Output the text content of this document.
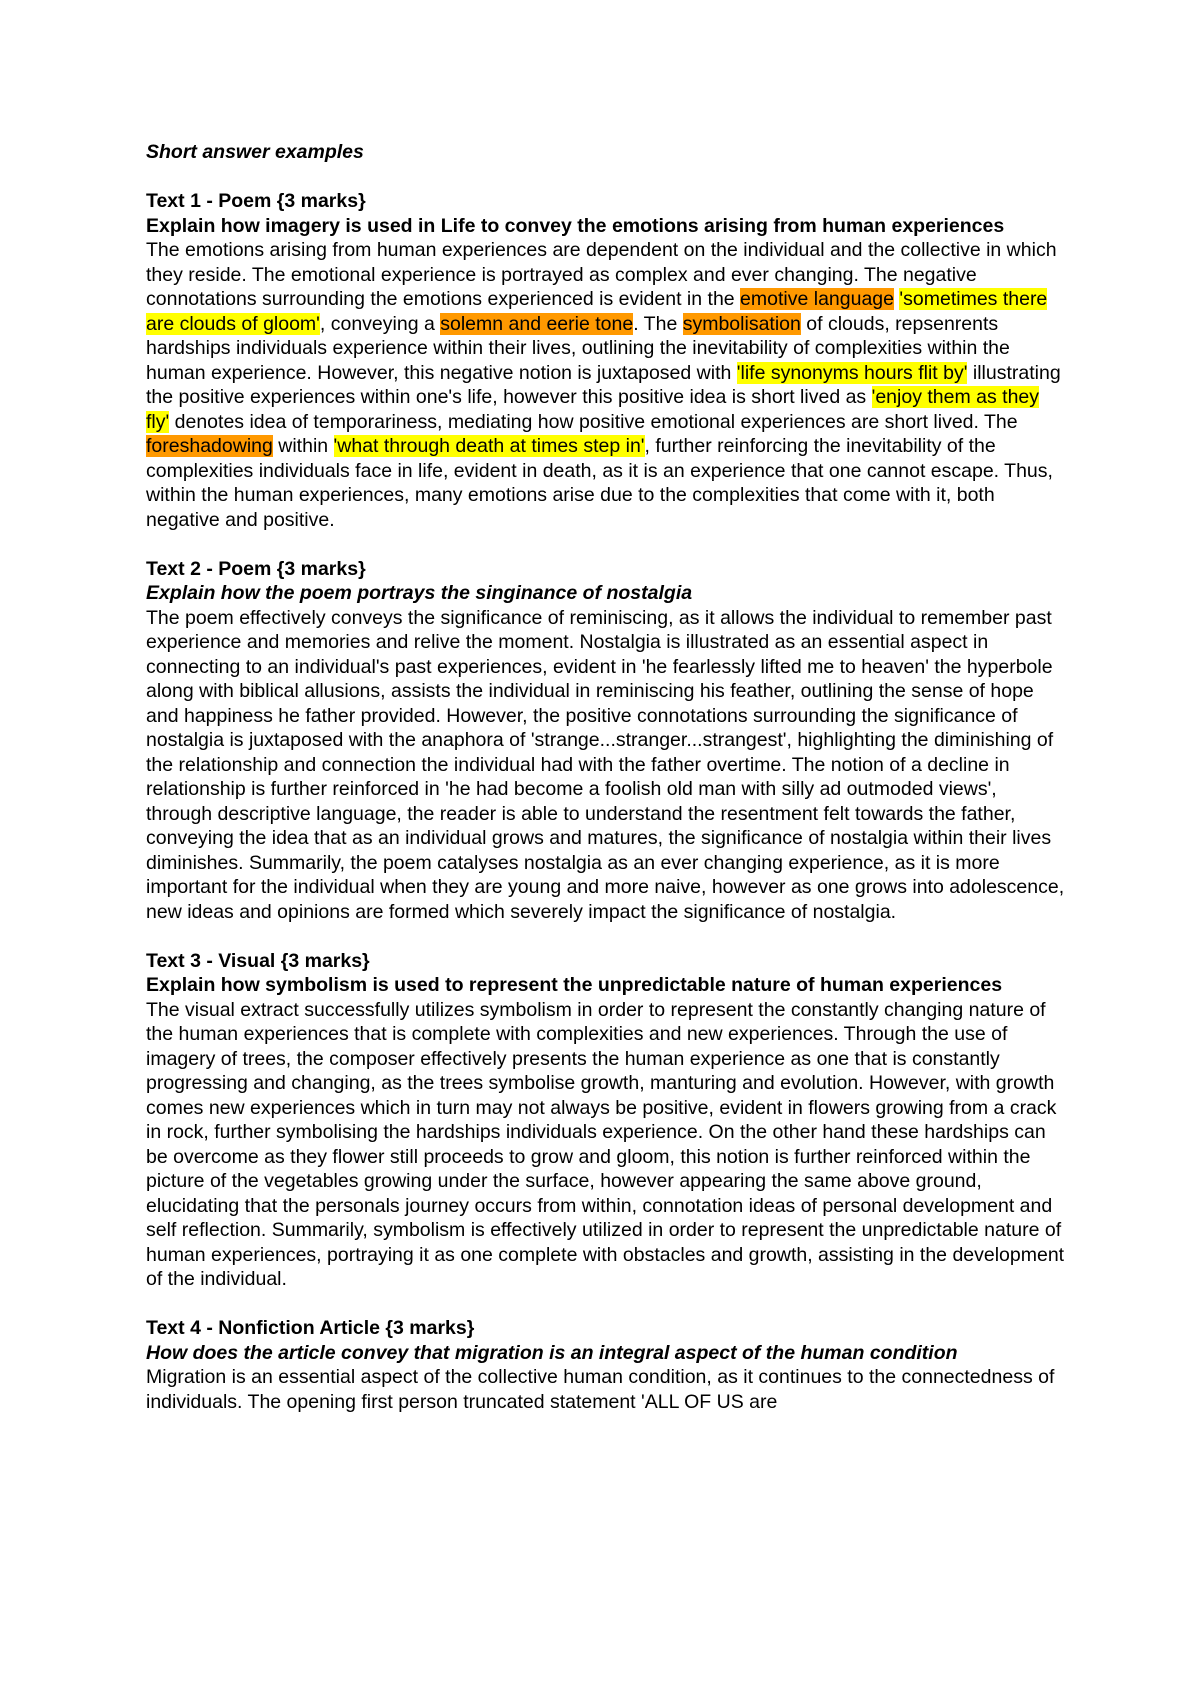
Short answer examples

Text 1 - Poem {3 marks}
Explain how imagery is used in Life to convey the emotions arising from human experiences

The emotions arising from human experiences are dependent on the individual and the collective in which they reside. The emotional experience is portrayed as complex and ever changing. The negative connotations surrounding the emotions experienced is evident in the emotive language 'sometimes there are clouds of gloom', conveying a solemn and eerie tone. The symbolisation of clouds, repsenrents hardships individuals experience within their lives, outlining the inevitability of complexities within the human experience. However, this negative notion is juxtaposed with 'life synonyms hours flit by' illustrating the positive experiences within one's life, however this positive idea is short lived as 'enjoy them as they fly' denotes idea of temporariness, mediating how positive emotional experiences are short lived. The foreshadowing within 'what through death at times step in', further reinforcing the inevitability of the complexities individuals face in life, evident in death, as it is an experience that one cannot escape. Thus, within the human experiences, many emotions arise due to the complexities that come with it, both negative and positive.

Text 2 - Poem {3 marks}
Explain how the poem portrays the singinance of nostalgia

The poem effectively conveys the significance of reminiscing, as it allows the individual to remember past experience and memories and relive the moment. Nostalgia is illustrated as an essential aspect in connecting to an individual's past experiences, evident in 'he fearlessly lifted me to heaven' the hyperbole along with biblical allusions, assists the individual in reminiscing his feather, outlining the sense of hope and happiness he father provided. However, the positive connotations surrounding the significance of nostalgia is juxtaposed with the anaphora of 'strange...stranger...strangest', highlighting the diminishing of the relationship and connection the individual had with the father overtime. The notion of a decline in relationship is further reinforced in 'he had become a foolish old man with silly ad outmoded views', through descriptive language, the reader is able to understand the resentment felt towards the father, conveying the idea that as an individual grows and matures, the significance of nostalgia within their lives diminishes. Summarily, the poem catalyses nostalgia as an ever changing experience, as it is more important for the individual when they are young and more naive, however as one grows into adolescence, new ideas and opinions are formed which severely impact the significance of nostalgia.

Text 3 - Visual {3 marks}
Explain how symbolism is used to represent the unpredictable nature of human experiences

The visual extract successfully utilizes symbolism in order to represent the constantly changing nature of the human experiences that is complete with complexities and new experiences. Through the use of imagery of trees, the composer effectively presents the human experience as one that is constantly progressing and changing, as the trees symbolise growth, manturing and evolution. However, with growth comes new experiences which in turn may not always be positive, evident in flowers growing from a crack in rock, further symbolising the hardships individuals experience. On the other hand these hardships can be overcome as they flower still proceeds to grow and gloom, this notion is further reinforced within the picture of the vegetables growing under the surface, however appearing the same above ground, elucidating that the personals journey occurs from within, connotation ideas of personal development and self reflection. Summarily, symbolism is effectively utilized in order to represent the unpredictable nature of human experiences, portraying it as one complete with obstacles and growth, assisting in the development of the individual.

Text 4 - Nonfiction Article {3 marks}
How does the article convey that migration is an integral aspect of the human condition

Migration is an essential aspect of the collective human condition, as it continues to the connectedness of individuals. The opening first person truncated statement 'ALL OF US are
